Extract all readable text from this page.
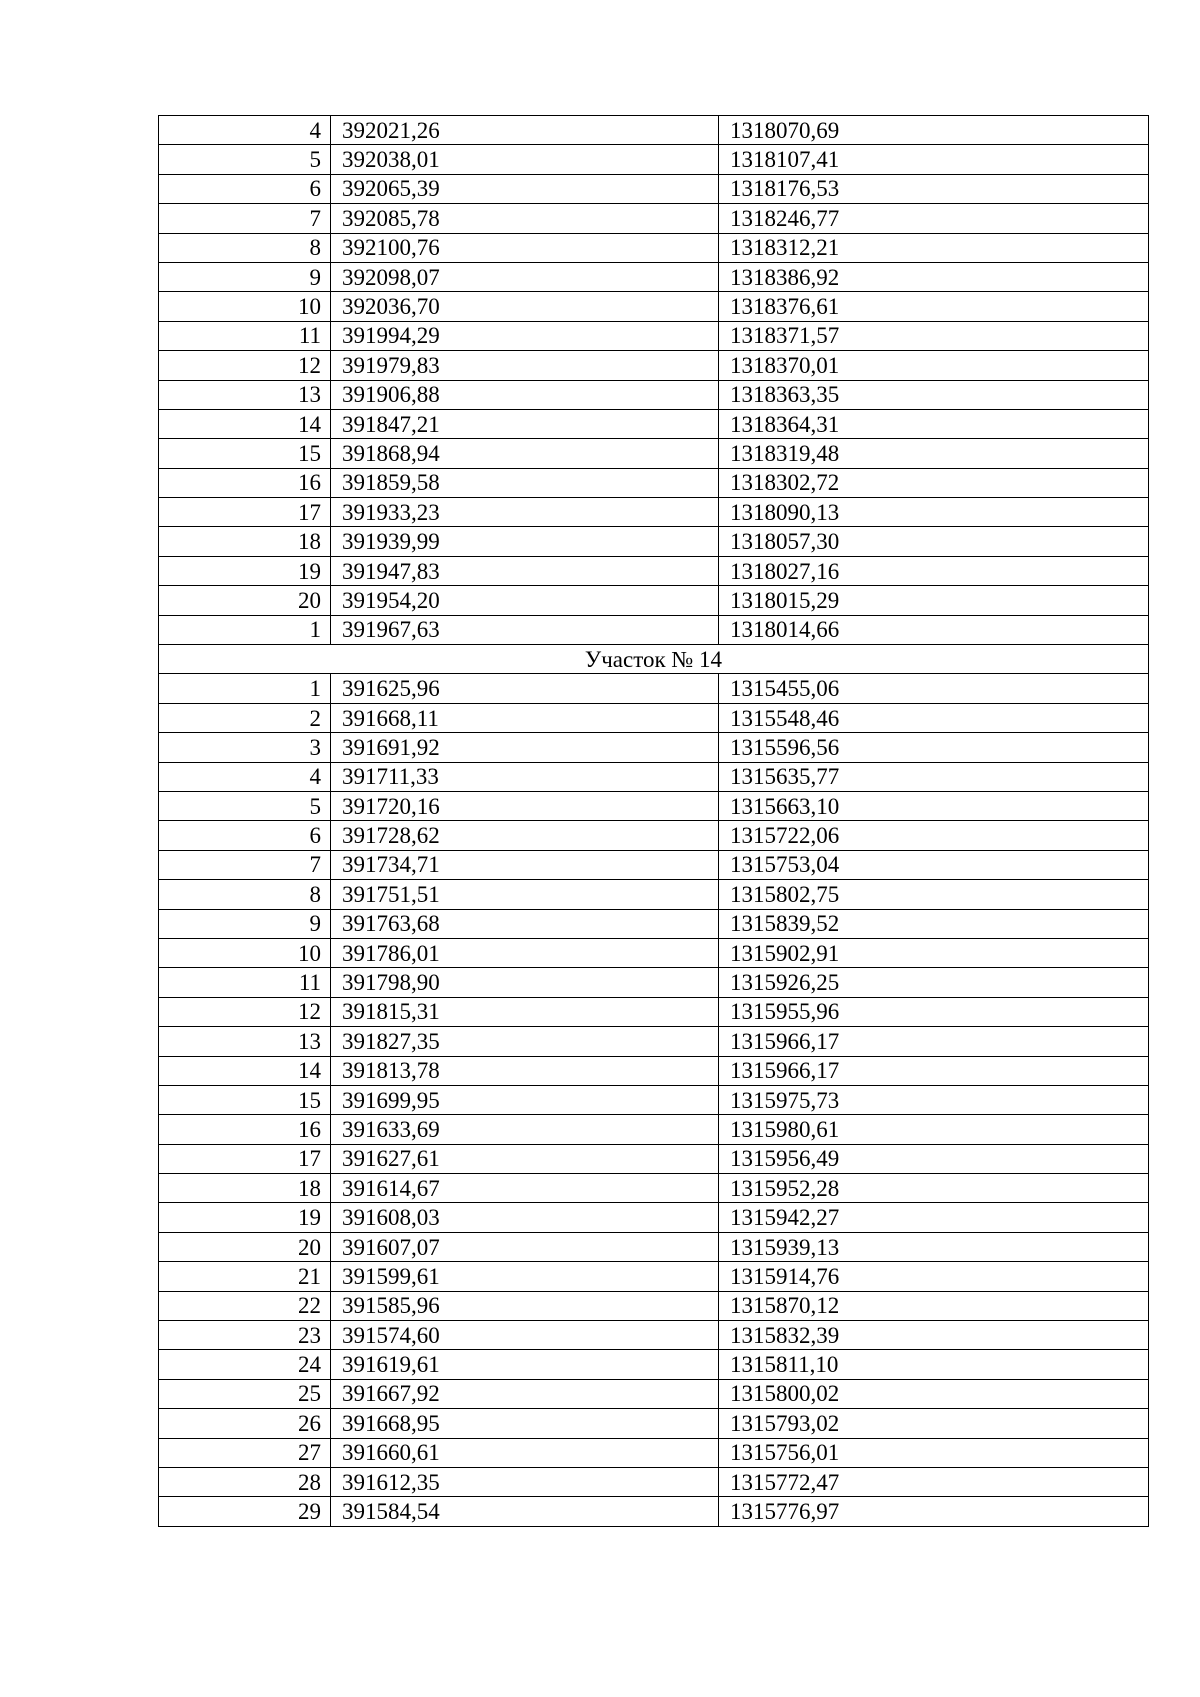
4	392021,26	1318070,69
5	392038,01	1318107,41
6	392065,39	1318176,53
7	392085,78	1318246,77
8	392100,76	1318312,21
9	392098,07	1318386,92
10	392036,70	1318376,61
11	391994,29	1318371,57
12	391979,83	1318370,01
13	391906,88	1318363,35
14	391847,21	1318364,31
15	391868,94	1318319,48
16	391859,58	1318302,72
17	391933,23	1318090,13
18	391939,99	1318057,30
19	391947,83	1318027,16
20	391954,20	1318015,29
1	391967,63	1318014,66
Участок № 14		
1	391625,96	1315455,06
2	391668,11	1315548,46
3	391691,92	1315596,56
4	391711,33	1315635,77
5	391720,16	1315663,10
6	391728,62	1315722,06
7	391734,71	1315753,04
8	391751,51	1315802,75
9	391763,68	1315839,52
10	391786,01	1315902,91
11	391798,90	1315926,25
12	391815,31	1315955,96
13	391827,35	1315966,17
14	391813,78	1315966,17
15	391699,95	1315975,73
16	391633,69	1315980,61
17	391627,61	1315956,49
18	391614,67	1315952,28
19	391608,03	1315942,27
20	391607,07	1315939,13
21	391599,61	1315914,76
22	391585,96	1315870,12
23	391574,60	1315832,39
24	391619,61	1315811,10
25	391667,92	1315800,02
26	391668,95	1315793,02
27	391660,61	1315756,01
28	391612,35	1315772,47
29	391584,54	1315776,97
